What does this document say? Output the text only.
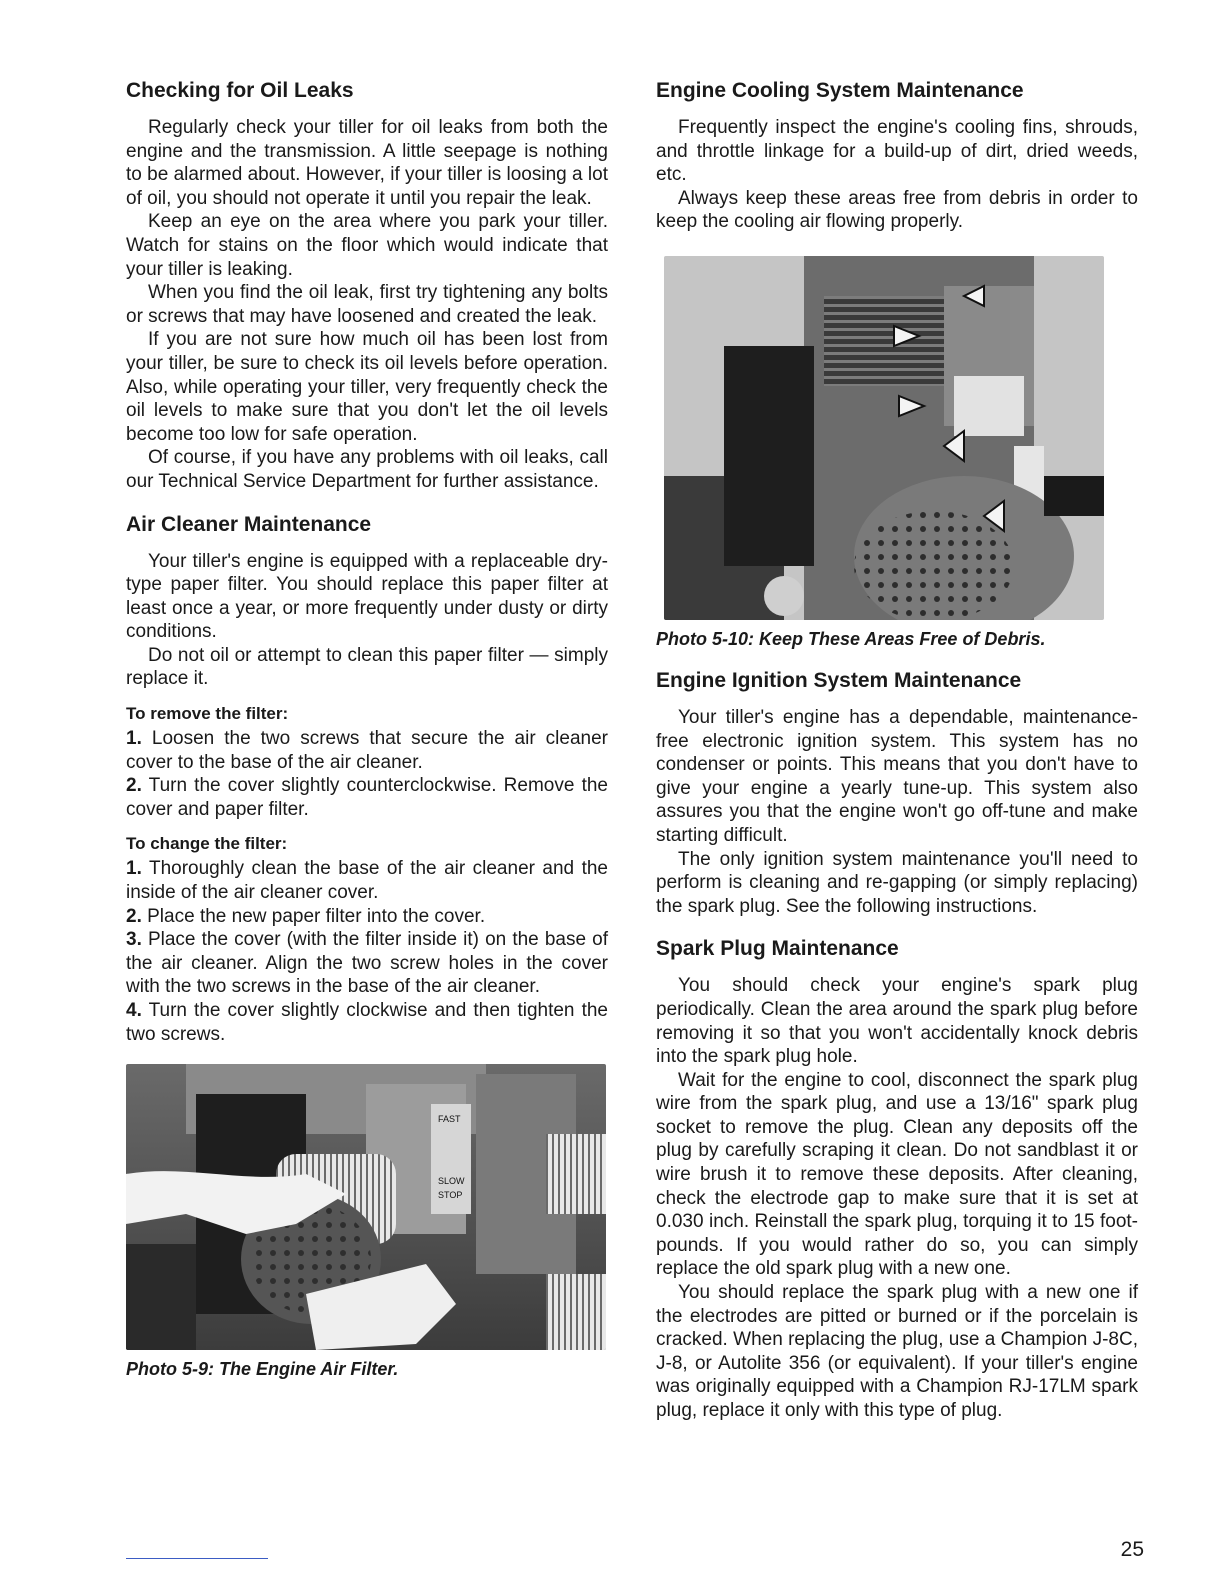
Checking for Oil Leaks

Regularly check your tiller for oil leaks from both the engine and the transmission. A little seepage is nothing to be alarmed about. However, if your tiller is loosing a lot of oil, you should not operate it until you repair the leak.

Keep an eye on the area where you park your tiller. Watch for stains on the floor which would indicate that your tiller is leaking.

When you find the oil leak, first try tightening any bolts or screws that may have loosened and created the leak.

If you are not sure how much oil has been lost from your tiller, be sure to check its oil levels before operation. Also, while operating your tiller, very frequently check the oil levels to make sure that you don't let the oil levels become too low for safe operation.

Of course, if you have any problems with oil leaks, call our Technical Service Department for further assistance.

Air Cleaner Maintenance

Your tiller's engine is equipped with a replaceable dry-type paper filter. You should replace this paper filter at least once a year, or more frequently under dusty or dirty conditions.

Do not oil or attempt to clean this paper filter — simply replace it.

To remove the filter:

1. Loosen the two screws that secure the air cleaner cover to the base of the air cleaner.

2. Turn the cover slightly counterclockwise. Remove the cover and paper filter.

To change the filter:

1. Thoroughly clean the base of the air cleaner and the inside of the air cleaner cover.

2. Place the new paper filter into the cover.

3. Place the cover (with the filter inside it) on the base of the air cleaner. Align the two screw holes in the cover with the two screws in the base of the air cleaner.

4. Turn the cover slightly clockwise and then tighten the two screws.

FAST
SLOW
STOP
Photo 5-9: The Engine Air Filter.
Engine Cooling System Maintenance

Frequently inspect the engine's cooling fins, shrouds, and throttle linkage for a build-up of dirt, dried weeds, etc.

Always keep these areas free from debris in order to keep the cooling air flowing properly.

Photo 5-10: Keep These Areas Free of Debris.
Engine Ignition System Maintenance

Your tiller's engine has a dependable, maintenance-free electronic ignition system. This system has no condenser or points. This means that you don't have to give your engine a yearly tune-up. This system also assures you that the engine won't go off-tune and make starting difficult.

The only ignition system maintenance you'll need to perform is cleaning and re-gapping (or simply replacing) the spark plug. See the following instructions.

Spark Plug Maintenance

You should check your engine's spark plug periodically. Clean the area around the spark plug before removing it so that you won't accidentally knock debris into the spark plug hole.

Wait for the engine to cool, disconnect the spark plug wire from the spark plug, and use a 13/16" spark plug socket to remove the plug. Clean any deposits off the plug by carefully scraping it clean. Do not sandblast it or wire brush it to remove these deposits. After cleaning, check the electrode gap to make sure that it is set at 0.030 inch. Reinstall the spark plug, torquing it to 15 foot-pounds. If you would rather do so, you can simply replace the old spark plug with a new one.

You should replace the spark plug with a new one if the electrodes are pitted or burned or if the porcelain is cracked. When replacing the plug, use a Champion J-8C, J-8, or Autolite 356 (or equivalent). If your tiller's engine was originally equipped with a Champion RJ-17LM spark plug, replace it only with this type of plug.

25
